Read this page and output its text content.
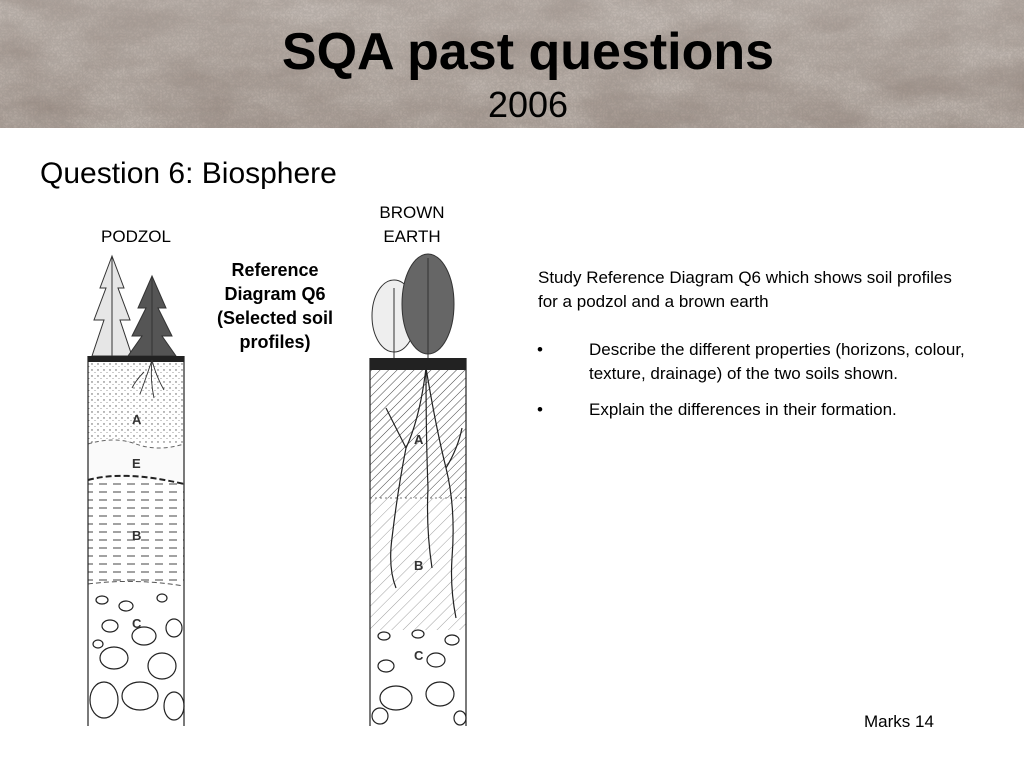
SQA past questions
2006
Question 6: Biosphere
PODZOL
BROWN
EARTH
Reference Diagram Q6 (Selected soil profiles)
A
E
B
C
A
B
C
Study Reference Diagram Q6 which shows soil profiles for a podzol and a brown earth
•	Describe the different properties (horizons, colour, texture, drainage) of the two soils shown.
•	Explain the differences in their formation.
Marks 14
